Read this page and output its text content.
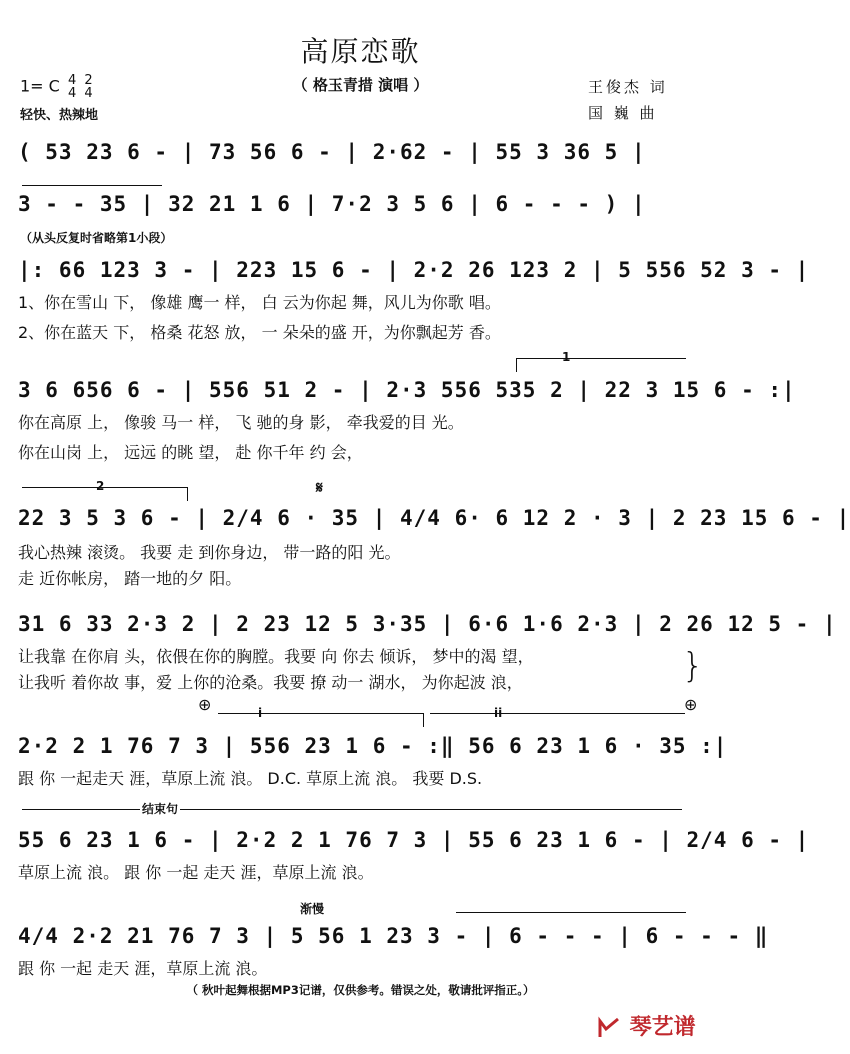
高原恋歌
（ 格玉青措 演唱 ）
1= C 4
4

2
4
轻快、热辣地
王俊杰 词
国 巍 曲
( 53 23 6 - | 73 56 6 - | 2·62 - | 55 3 36 5 |
3 - - 35 | 32 21 1 6 | 7·2 3 5 6 | 6 - - - ) |
（从头反复时省略第1小段）
|: 66 123 3 - | 223 15 6 - | 2·2 26 123 2 | 5 556 52 3 - |
1、你在雪山 下， 像雄 鹰一 样， 白 云为你起 舞，风儿为你歌 唱。
2、你在蓝天 下， 格桑 花怒 放， 一 朵朵的盛 开，为你飘起芳 香。
1
3 6 656 6 - | 556 51 2 - | 2·3 556 535 2 | 22 3 15 6 - :|
你在高原 上， 像骏 马一 样， 飞 驰的身 影， 牵我爱的目 光。
你在山岗 上， 远远 的眺 望， 赴 你千年 约 会，
2	𝄋
22 3 5 3 6 - | 2/4 6 · 35 | 4/4 6· 6 12 2 · 3 | 2 23 15 6 - |
我心热辣 滚烫。 我要 走 到你身边， 带一路的阳 光。
走 近你帐房， 踏一地的夕 阳。
31 6 33 2·3 2 | 2 23 12 5 3·35 | 6·6 1·6 2·3 | 2 26 12 5 - |
让我靠 在你肩 头，依偎在你的胸膛。我要 向 你去 倾诉， 梦中的渴 望，
让我听 着你故 事，爱 上你的沧桑。我要 撩 动一 湖水， 为你起波 浪，	}
⊕	⊕
i	ii
2·2 2 1 76 7 3 | 556 23 1 6 - :‖ 56 6 23 1 6 · 35 :|
跟 你 一起走天 涯，草原上流 浪。 D.C. 草原上流 浪。 我要 D.S.
结束句
55 6 23 1 6 - | 2·2 2 1 76 7 3 | 55 6 23 1 6 - | 2/4 6 - |
草原上流 浪。 跟 你 一起 走天 涯，草原上流 浪。
渐慢
4/4 2·2 21 76 7 3 | 5 56 1 23 3 - | 6 - - - | 6 - - - ‖
跟 你 一起 走天 涯，草原上流 浪。
（ 秋叶起舞根据MP3记谱，仅供参考。错误之处，敬请批评指正。）
琴艺谱
